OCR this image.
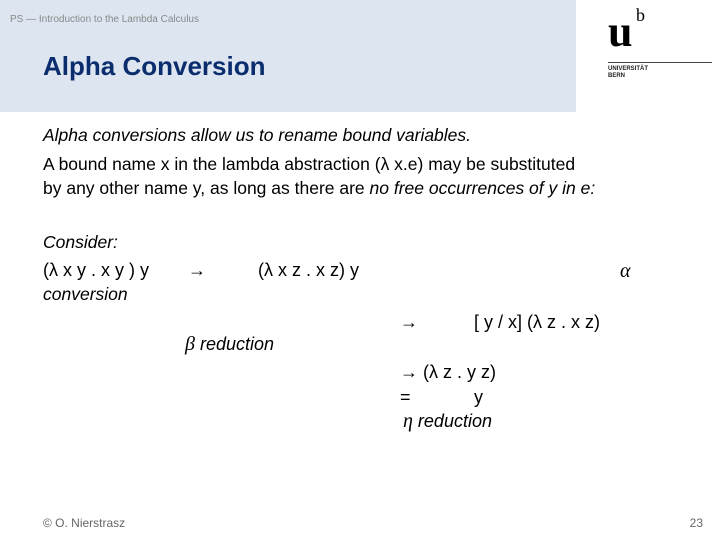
PS — Introduction to the Lambda Calculus
Alpha Conversion
u b
UNIVERSITÄT
BERN
Alpha conversions allow us to rename bound variables.
A bound name x in the lambda abstraction (λ x.e) may be substituted
by any other name y, as long as there are no free occurrences of y in e:
Consider:
(λ x y . x y ) y →	(λ x z . x z) y	α
conversion
→	[ y / x] (λ z . x z)
β reduction
→ (λ z . y z)
=	y
η reduction
© O. Nierstrasz	23
